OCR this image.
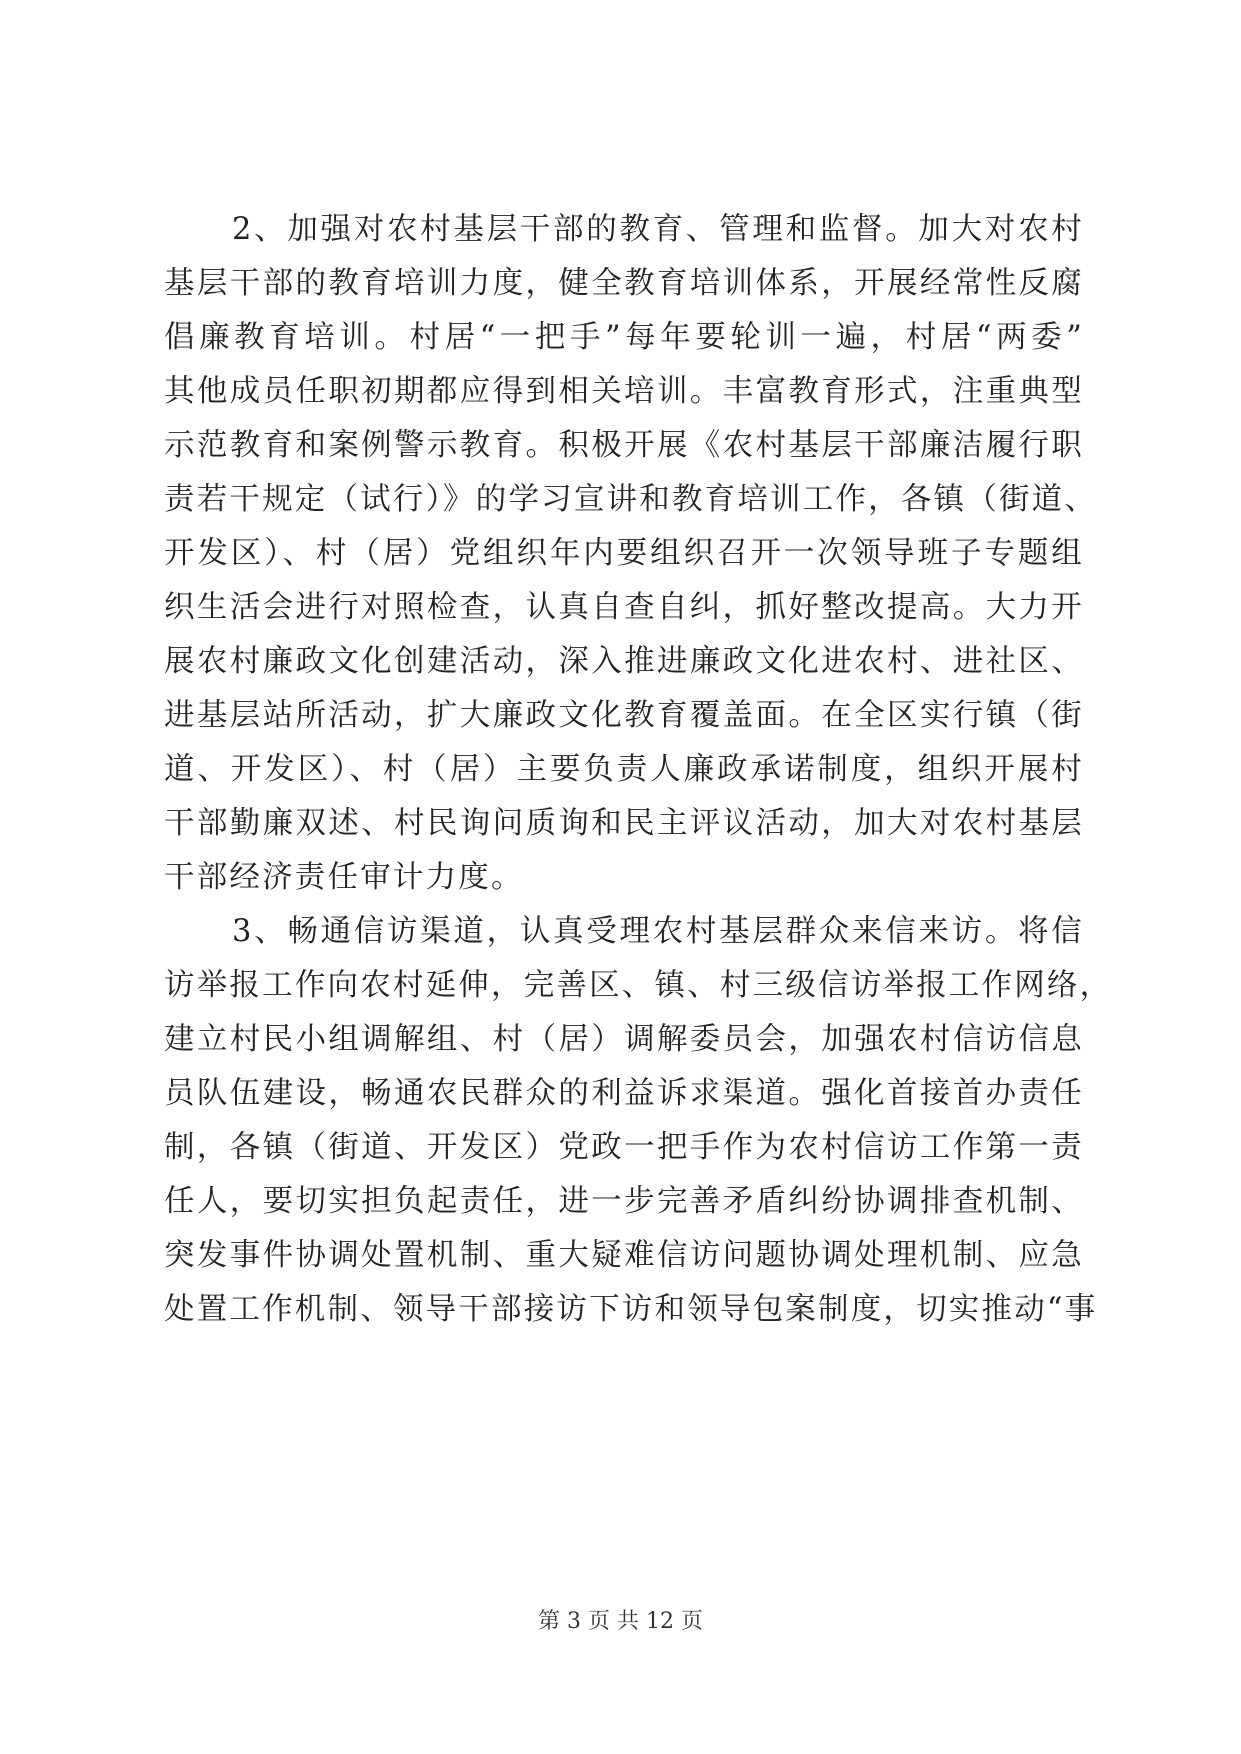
2、加强对农村基层干部的教育、管理和监督。加大对农村
基层干部的教育培训力度，健全教育培训体系，开展经常性反腐
倡廉教育培训。村居“一把手”每年要轮训一遍，村居“两委”
其他成员任职初期都应得到相关培训。丰富教育形式，注重典型
示范教育和案例警示教育。积极开展《农村基层干部廉洁履行职
责若干规定（试行）》的学习宣讲和教育培训工作，各镇（街道、
开发区）、村（居）党组织年内要组织召开一次领导班子专题组
织生活会进行对照检查，认真自查自纠，抓好整改提高。大力开
展农村廉政文化创建活动，深入推进廉政文化进农村、进社区、
进基层站所活动，扩大廉政文化教育覆盖面。在全区实行镇（街
道、开发区）、村（居）主要负责人廉政承诺制度，组织开展村
干部勤廉双述、村民询问质询和民主评议活动，加大对农村基层
干部经济责任审计力度。
3、畅通信访渠道，认真受理农村基层群众来信来访。将信
访举报工作向农村延伸，完善区、镇、村三级信访举报工作网络，
建立村民小组调解组、村（居）调解委员会，加强农村信访信息
员队伍建设，畅通农民群众的利益诉求渠道。强化首接首办责任
制，各镇（街道、开发区）党政一把手作为农村信访工作第一责
任人，要切实担负起责任，进一步完善矛盾纠纷协调排查机制、
突发事件协调处置机制、重大疑难信访问题协调处理机制、应急
处置工作机制、领导干部接访下访和领导包案制度，切实推动“事
第 3 页 共 12 页
